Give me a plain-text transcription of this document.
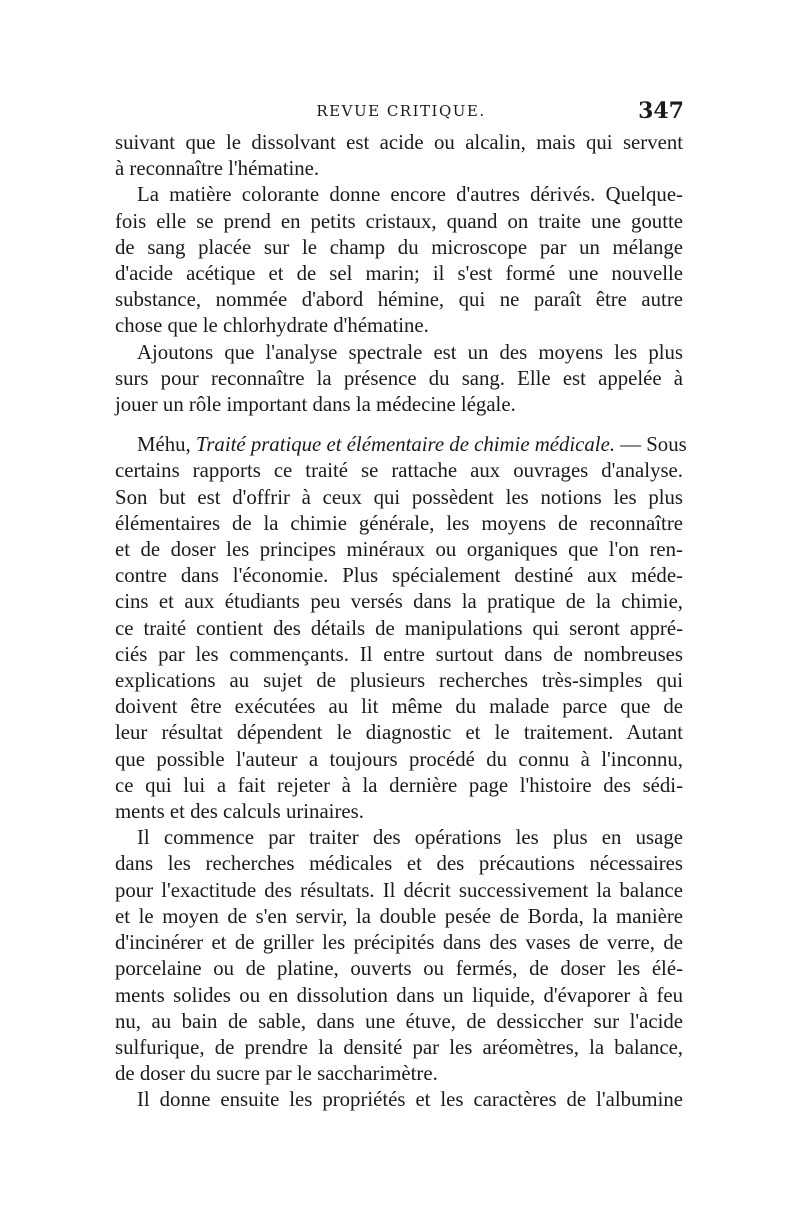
REVUE CRITIQUE.	347
suivant que le dissolvant est acide ou alcalin, mais qui servent
à reconnaître l'hématine.
La matière colorante donne encore d'autres dérivés. Quelque-
fois elle se prend en petits cristaux, quand on traite une goutte
de sang placée sur le champ du microscope par un mélange
d'acide acétique et de sel marin; il s'est formé une nouvelle
substance, nommée d'abord hémine, qui ne paraît être autre
chose que le chlorhydrate d'hématine.
Ajoutons que l'analyse spectrale est un des moyens les plus
surs pour reconnaître la présence du sang. Elle est appelée à
jouer un rôle important dans la médecine légale.
Méhu, Traité pratique et élémentaire de chimie médicale. — Sous
certains rapports ce traité se rattache aux ouvrages d'analyse.
Son but est d'offrir à ceux qui possèdent les notions les plus
élémentaires de la chimie générale, les moyens de reconnaître
et de doser les principes minéraux ou organiques que l'on ren-
contre dans l'économie. Plus spécialement destiné aux méde-
cins et aux étudiants peu versés dans la pratique de la chimie,
ce traité contient des détails de manipulations qui seront appré-
ciés par les commençants. Il entre surtout dans de nombreuses
explications au sujet de plusieurs recherches très-simples qui
doivent être exécutées au lit même du malade parce que de
leur résultat dépendent le diagnostic et le traitement. Autant
que possible l'auteur a toujours procédé du connu à l'inconnu,
ce qui lui a fait rejeter à la dernière page l'histoire des sédi-
ments et des calculs urinaires.
Il commence par traiter des opérations les plus en usage
dans les recherches médicales et des précautions nécessaires
pour l'exactitude des résultats. Il décrit successivement la balance
et le moyen de s'en servir, la double pesée de Borda, la manière
d'incinérer et de griller les précipités dans des vases de verre, de
porcelaine ou de platine, ouverts ou fermés, de doser les élé-
ments solides ou en dissolution dans un liquide, d'évaporer à feu
nu, au bain de sable, dans une étuve, de dessiccher sur l'acide
sulfurique, de prendre la densité par les aréomètres, la balance,
de doser du sucre par le saccharimètre.
Il donne ensuite les propriétés et les caractères de l'albumine
